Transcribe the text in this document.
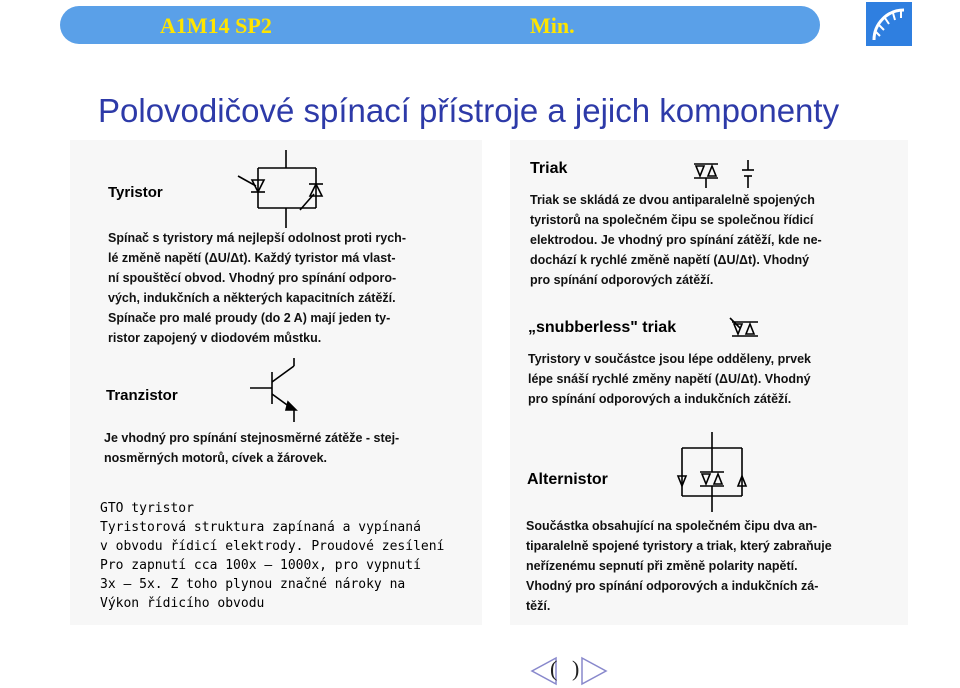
A1M14 SP2	Min.
Polovodičové spínací přístroje a jejich komponenty
Tyristor
Spínač s tyristory má nejlepší odolnost proti rych-
lé změně napětí (ΔU/Δt). Každý tyristor má vlast-
ní spouštěcí obvod. Vhodný pro spínání odporo-
vých, indukčních a některých kapacitních zátěží.
Spínače pro malé proudy (do 2 A) mají jeden ty-
ristor zapojený v diodovém můstku.
Tranzistor
Je vhodný pro spínání stejnosměrné zátěže - stej-
nosměrných motorů, cívek a žárovek.
GTO tyristor
Tyristorová struktura zapínaná a vypínaná
v obvodu řídicí elektrody. Proudové zesílení
Pro zapnutí cca 100x – 1000x, pro vypnutí
3x – 5x. Z toho plynou značné nároky na
Výkon řídicího obvodu
Triak
Triak se skládá ze dvou antiparalelně spojených
tyristorů na společném čipu se společnou řídicí
elektrodou. Je vhodný pro spínání zátěží, kde ne-
dochází k rychlé změně napětí (ΔU/Δt). Vhodný
pro spínání odporových zátěží.
„snubberless" triak
Tyristory v součástce jsou lépe odděleny, prvek
lépe snáší rychlé změny napětí (ΔU/Δt). Vhodný
pro spínání odporových a indukčních zátěží.
Alternistor
Součástka obsahující na společném čipu dva an-
tiparalelně spojené tyristory a triak, který zabraňuje
neřízenému sepnutí při změně polarity napětí.
Vhodný pro spínání odporových a indukčních zá-
těží.
( )
